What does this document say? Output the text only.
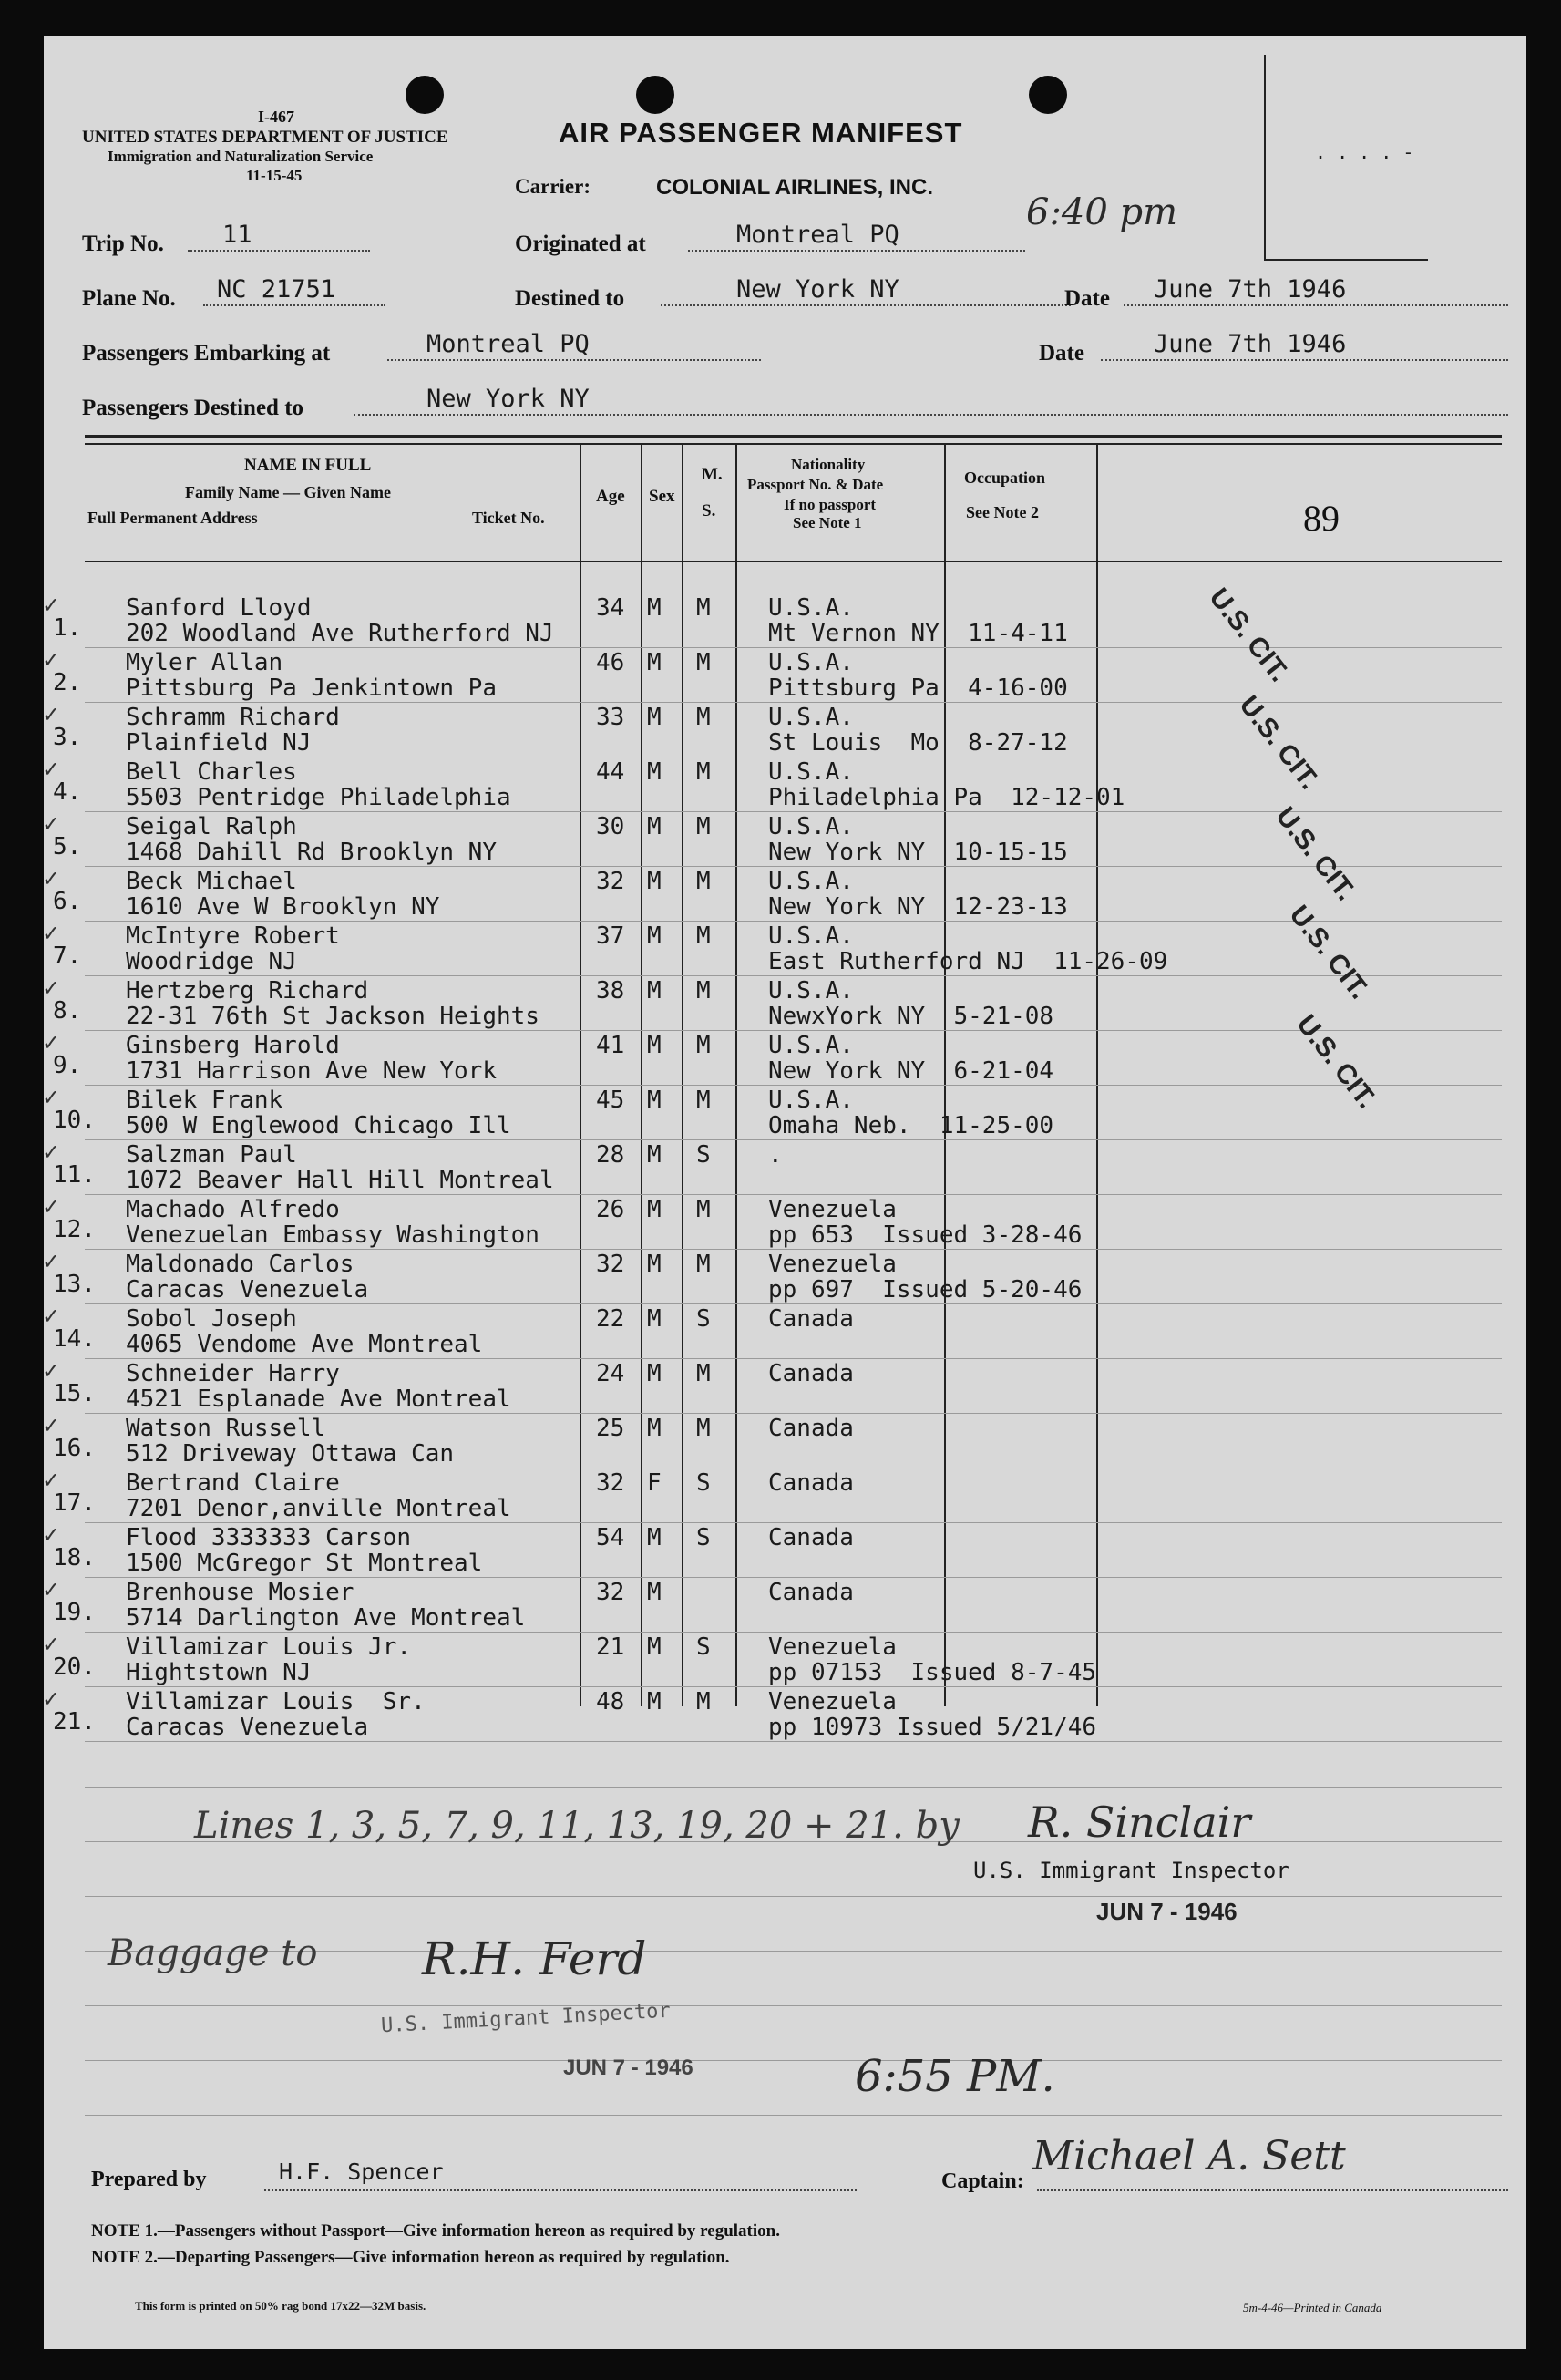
I-467
UNITED STATES DEPARTMENT OF JUSTICE
Immigration and Naturalization Service
11-15-45
AIR PASSENGER MANIFEST
Carrier:	COLONIAL AIRLINES, INC.
6:40 pm
. . . . -
Trip No. 11	Originated at	Montreal PQ
Plane No. NC 21751	Destined to	New York NY	Date June 7th 1946
Passengers Embarking at	Montreal PQ	Date	June 7th 1946
Passengers Destined to	New York NY
NAME IN FULL
Family Name — Given Name
Full Permanent Address	Ticket No.
Age Sex
M.
S.
Nationality
Passport No. & Date
If no passport
See Note 1
Occupation
See Note 2	89
✓
1.
Sanford Lloyd
202 Woodland Ave Rutherford NJ
34 M M U.S.A.
Mt Vernon NY  11-4-11
✓
2.
Myler Allan
Pittsburg Pa Jenkintown Pa
46 M M U.S.A.
Pittsburg Pa  4-16-00
✓
3.
Schramm Richard
Plainfield NJ
33 M M U.S.A.
St Louis  Mo  8-27-12
✓
4.
Bell Charles
5503 Pentridge Philadelphia
44 M M U.S.A.
Philadelphia Pa  12-12-01
✓
5.
Seigal Ralph
1468 Dahill Rd Brooklyn NY
30 M M U.S.A.
New York NY  10-15-15
✓
6.
Beck Michael
1610 Ave W Brooklyn NY
32 M M U.S.A.
New York NY  12-23-13
✓
7.
McIntyre Robert
Woodridge NJ
37 M M U.S.A.
East Rutherford NJ  11-26-09
✓
8.
Hertzberg Richard
22-31 76th St Jackson Heights
38 M M U.S.A.
NewxYork NY  5-21-08
✓
9.
Ginsberg Harold
1731 Harrison Ave New York
41 M M U.S.A.
New York NY  6-21-04
✓
10.
Bilek Frank
500 W Englewood Chicago Ill
45 M M U.S.A.
Omaha Neb.  11-25-00
✓
11.
Salzman Paul
1072 Beaver Hall Hill Montreal
28 M S .
✓
12.
Machado Alfredo
Venezuelan Embassy Washington
26 M M Venezuela
pp 653  Issued 3-28-46
✓
13.
Maldonado Carlos
Caracas Venezuela
32 M M Venezuela
pp 697  Issued 5-20-46
✓
14.
Sobol Joseph
4065 Vendome Ave Montreal
22 M S Canada
✓
15.
Schneider Harry
4521 Esplanade Ave Montreal
24 M M Canada
✓
16.
Watson Russell
512 Driveway Ottawa Can
25 M M Canada
✓
17.
Bertrand Claire
7201 Denor,anville Montreal
32 F S Canada
✓
18.
Flood 3333333 Carson
1500 McGregor St Montreal
54 M S Canada
✓
19.
Brenhouse Mosier
5714 Darlington Ave Montreal
32 M	Canada
✓
20.
Villamizar Louis Jr.
Hightstown NJ
21 M S Venezuela
pp 07153  Issued 8-7-45
✓
21.
Villamizar Louis  Sr.
Caracas Venezuela
48 M M Venezuela
pp 10973 Issued 5/21/46
U.S. CIT.
U.S. CIT.
U.S. CIT.
U.S. CIT.
U.S. CIT.
Lines 1, 3, 5, 7, 9, 11, 13, 19, 20 + 21. by R. Sinclair
U.S. Immigrant Inspector
JUN 7 - 1946
Baggage to R.H. Ferd
U.S. Immigrant Inspector
JUN 7 - 1946	6:55 PM.
Prepared by	H.F. Spencer	Captain:
Michael A. Sett
NOTE 1.—Passengers without Passport—Give information hereon as required by regulation.
NOTE 2.—Departing Passengers—Give information hereon as required by regulation.
This form is printed on 50% rag bond 17x22—32M basis.	5m-4-46—Printed in Canada
